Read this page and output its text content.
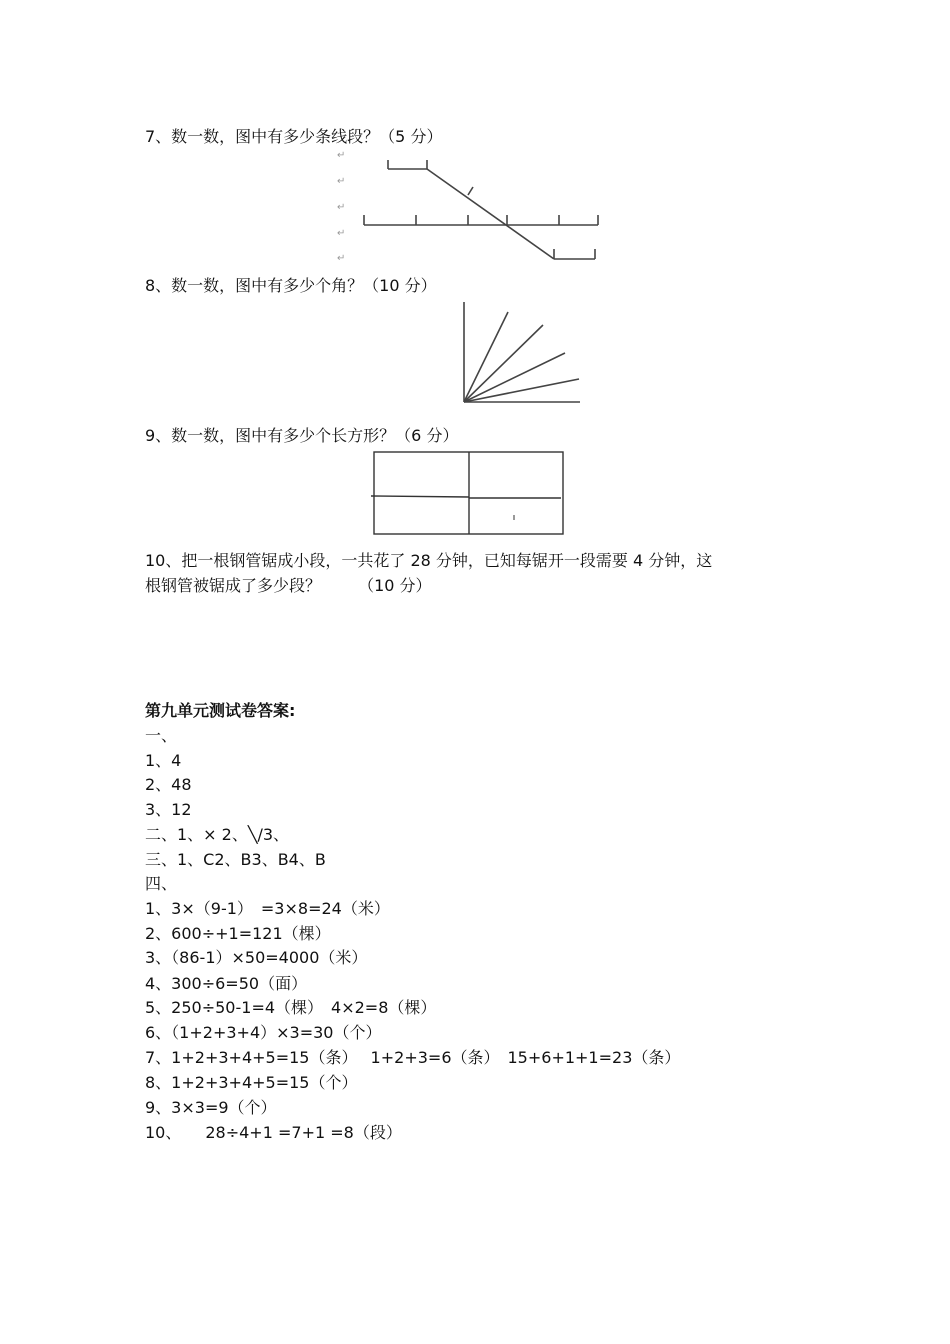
7、数一数，图中有多少条线段？（5 分）
↵
↵
↵
↵
↵
8、数一数，图中有多少个角？（10 分）
9、数一数，图中有多少个长方形？（6 分）
10、把一根钢管锯成小段，一共花了 28 分钟，已知每锯开一段需要 4 分钟，这
根钢管被锯成了多少段？　　 （10 分）
第九单元测试卷答案:
一、
1、4
2、48
3、12
二、1、× 2、╲/3、
三、1、C2、B3、B4、B
四、
1、3×（9-1）　=3×8=24（米）
2、600÷+1=121（棵）
3、（86-1）×50=4000（米）
4、300÷6=50（面）
5、250÷50-1=4（棵）　4×2=8（棵）
6、（1+2+3+4）×3=30（个）
7、1+2+3+4+5=15（条）　 1+2+3=6（条）　15+6+1+1=23（条）
8、1+2+3+4+5=15（个）
9、3×3=9（个）
10、　　28÷4+1 =7+1 =8（段）
